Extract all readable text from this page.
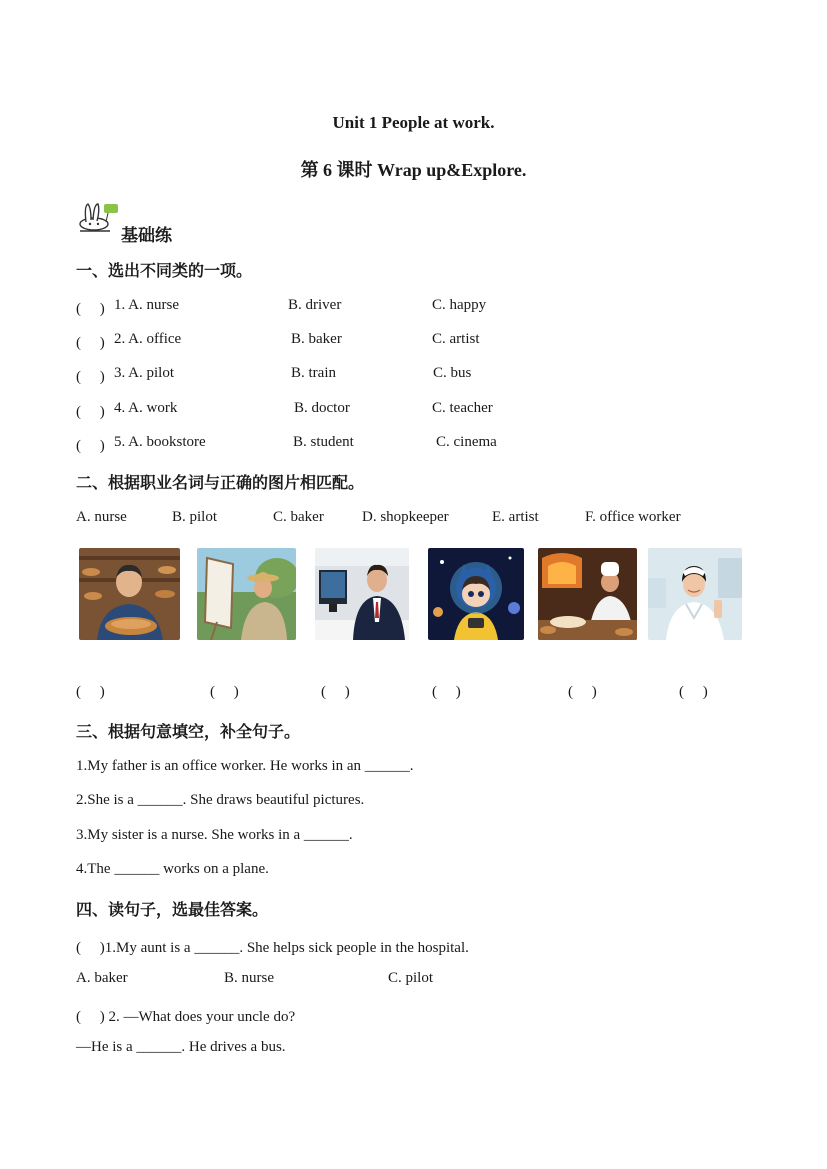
Unit 1 People at work.
第 6 课时 Wrap up&Explore.
基础练
一、选出不同类的一项。
(　 ) 1. A. nurse	B. driver	C. happy
(　 ) 2. A. office	B. baker	C. artist
(　 ) 3. A. pilot	B. train	C. bus
(　 ) 4. A. work	B. doctor	C. teacher
(　 ) 5. A. bookstore	B. student	C. cinema
二、根据职业名词与正确的图片相匹配。
A. nurse	B. pilot	C. baker	D. shopkeeper	E. artist	F. office worker
(　 )	(　 )	(　 )	(　 )	(　 )	(　 )
三、根据句意填空，补全句子。
1.My father is an office worker. He works in an ______.
2.She is a ______. She draws beautiful pictures.
3.My sister is a nurse. She works in a ______.
4.The ______ works on a plane.
四、读句子，选最佳答案。
(　 )1.My aunt is a ______. She helps sick people in the hospital.
A. baker	B. nurse	C. pilot
(　 ) 2. —What does your uncle do?
—He is a ______. He drives a bus.
